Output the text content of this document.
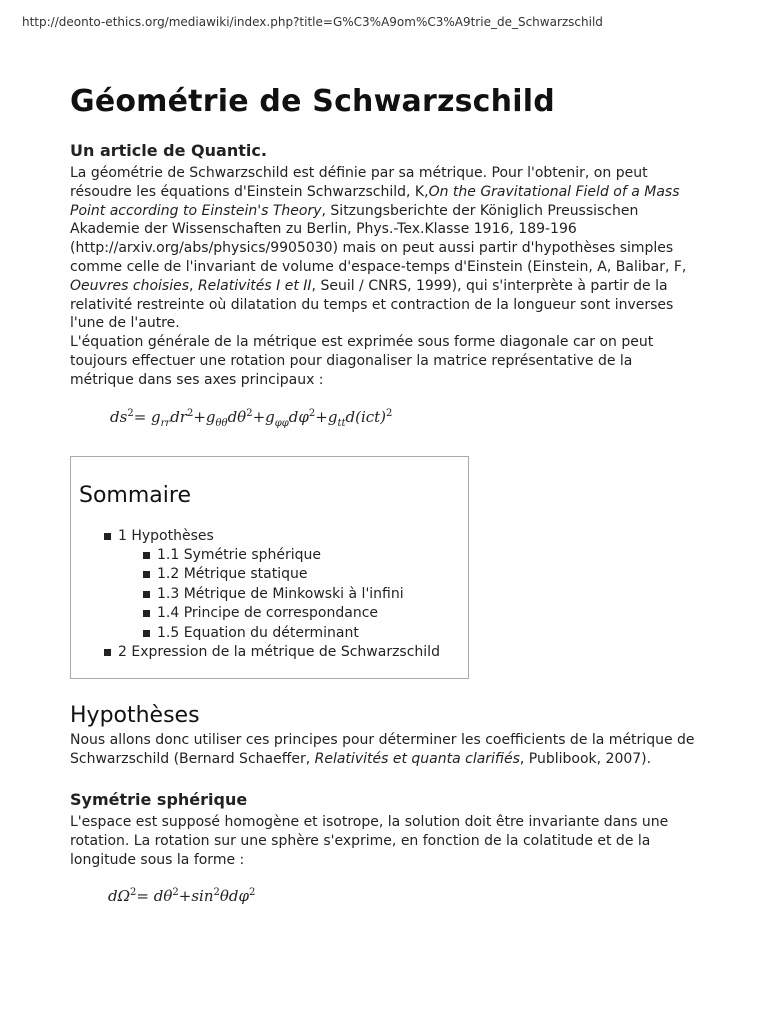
http://deonto-ethics.org/mediawiki/index.php?title=G%C3%A9om%C3%A9trie_de_Schwarzschild
Géométrie de Schwarzschild
Un article de Quantic.

La géométrie de Schwarzschild est définie par sa métrique. Pour l'obtenir, on peut résoudre les équations d'Einstein Schwarzschild, K,On the Gravitational Field of a Mass Point according to Einstein's Theory, Sitzungsberichte der Königlich Preussischen Akademie der Wissenschaften zu Berlin, Phys.-Tex.Klasse 1916, 189-196 (http://arxiv.org/abs/physics/9905030) mais on peut aussi partir d'hypothèses simples comme celle de l'invariant de volume d'espace-temps d'Einstein (Einstein, A, Balibar, F, Oeuvres choisies, Relativités I et II, Seuil / CNRS, 1999), qui s'interprète à partir de la relativité restreinte où dilatation du temps et contraction de la longueur sont inverses l'une de l'autre.

L'équation générale de la métrique est exprimée sous forme diagonale car on peut toujours effectuer une rotation pour diagonaliser la matrice représentative de la métrique dans ses axes principaux :

$ds^2= g_{rr}dr^2+g_{\theta\theta}d\theta^2+g_{\varphi\varphi}d\varphi^2+g_{tt}d(ict)^2$
Sommaire
1 Hypothèses
1.1 Symétrie sphérique
1.2 Métrique statique
1.3 Métrique de Minkowski à l'infini
1.4 Principe de correspondance
1.5 Equation du déterminant
2 Expression de la métrique de Schwarzschild
Hypothèses

Nous allons donc utiliser ces principes pour déterminer les coefficients de la métrique de Schwarzschild (Bernard Schaeffer, Relativités et quanta clarifiés, Publibook, 2007).

Symétrie sphérique

L'espace est supposé homogène et isotrope, la solution doit être invariante dans une rotation. La rotation sur une sphère s'exprime, en fonction de la colatitude et de la longitude sous la forme :

$d\Omega^2= d\theta^2+\sin^2\theta d\varphi^2$
